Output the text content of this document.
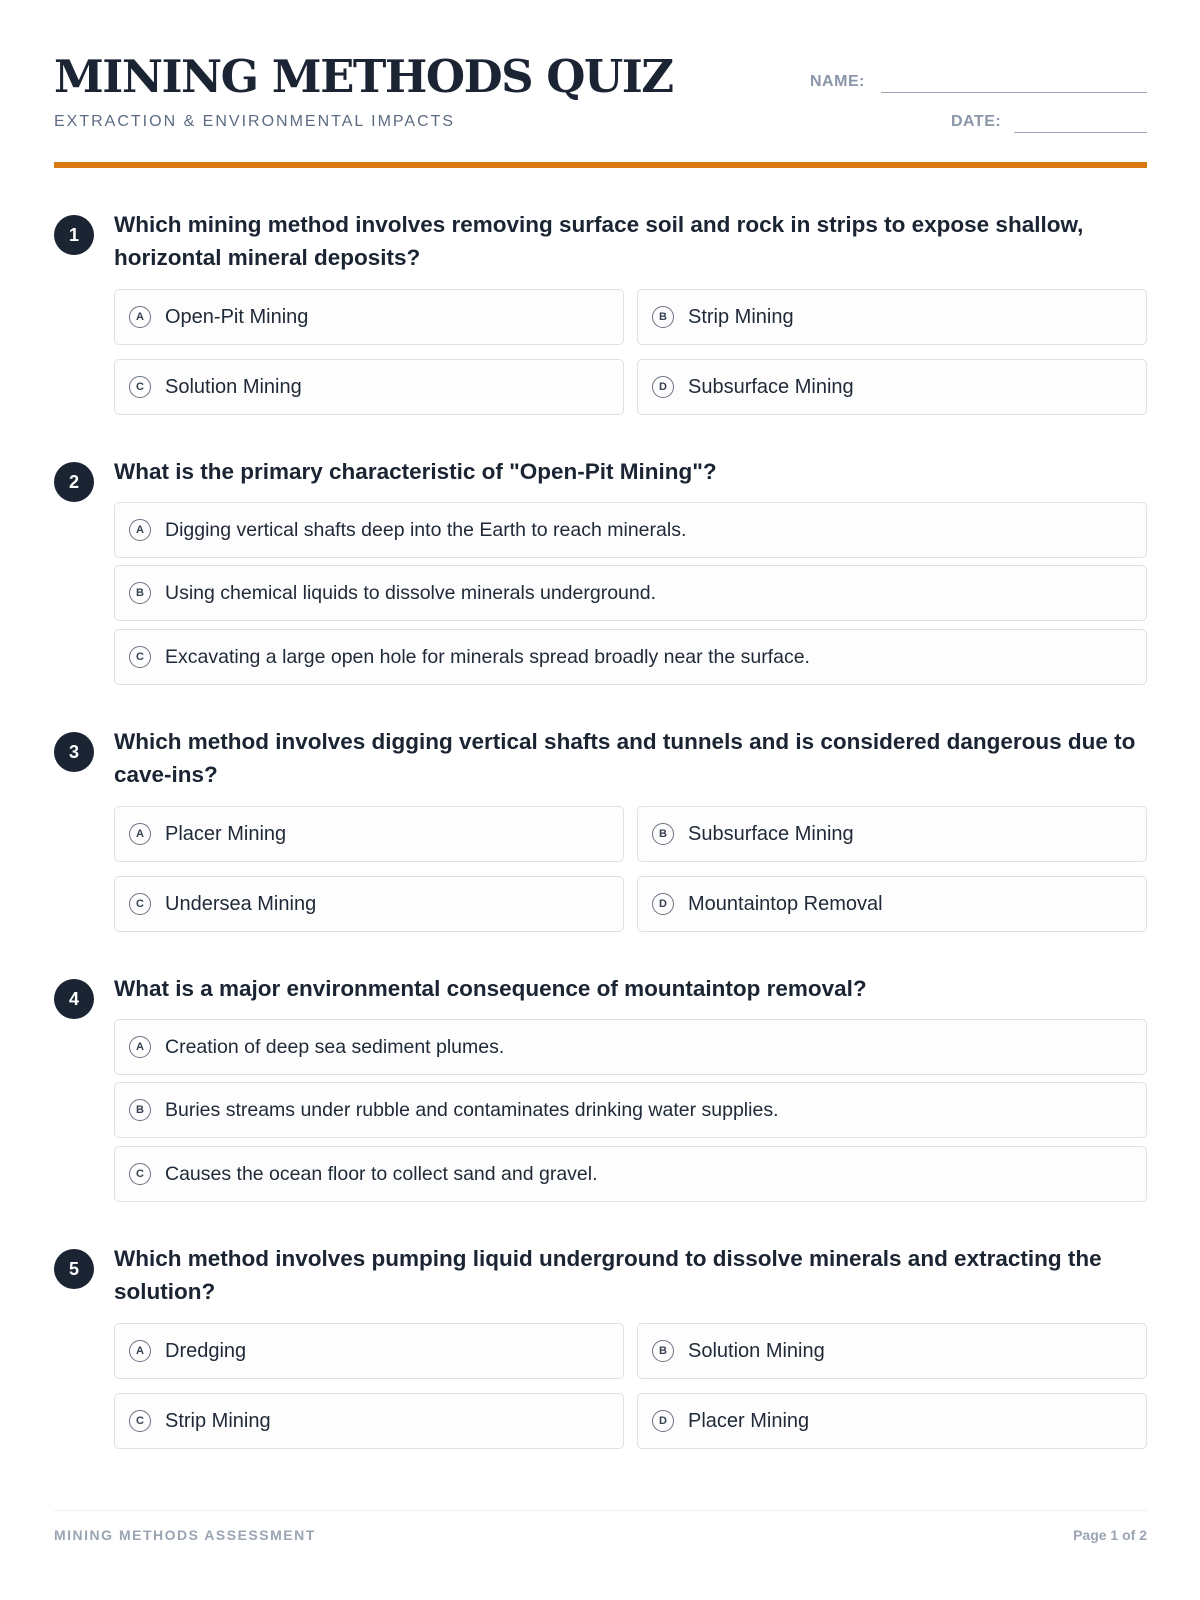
MINING METHODS QUIZ
EXTRACTION & ENVIRONMENTAL IMPACTS
NAME:
DATE:
1	Which mining method involves removing surface soil and rock in strips to expose shallow, horizontal mineral deposits?
A	Open-Pit Mining	B	Strip Mining
C	Solution Mining	D	Subsurface Mining
2	What is the primary characteristic of "Open-Pit Mining"?
A	Digging vertical shafts deep into the Earth to reach minerals.
B	Using chemical liquids to dissolve minerals underground.
C	Excavating a large open hole for minerals spread broadly near the surface.
3	Which method involves digging vertical shafts and tunnels and is considered dangerous due to cave-ins?
A	Placer Mining	B	Subsurface Mining
C	Undersea Mining	D	Mountaintop Removal
4	What is a major environmental consequence of mountaintop removal?
A	Creation of deep sea sediment plumes.
B	Buries streams under rubble and contaminates drinking water supplies.
C	Causes the ocean floor to collect sand and gravel.
5	Which method involves pumping liquid underground to dissolve minerals and extracting the solution?
A	Dredging	B	Solution Mining
C	Strip Mining	D	Placer Mining
MINING METHODS ASSESSMENT	Page 1 of 2
